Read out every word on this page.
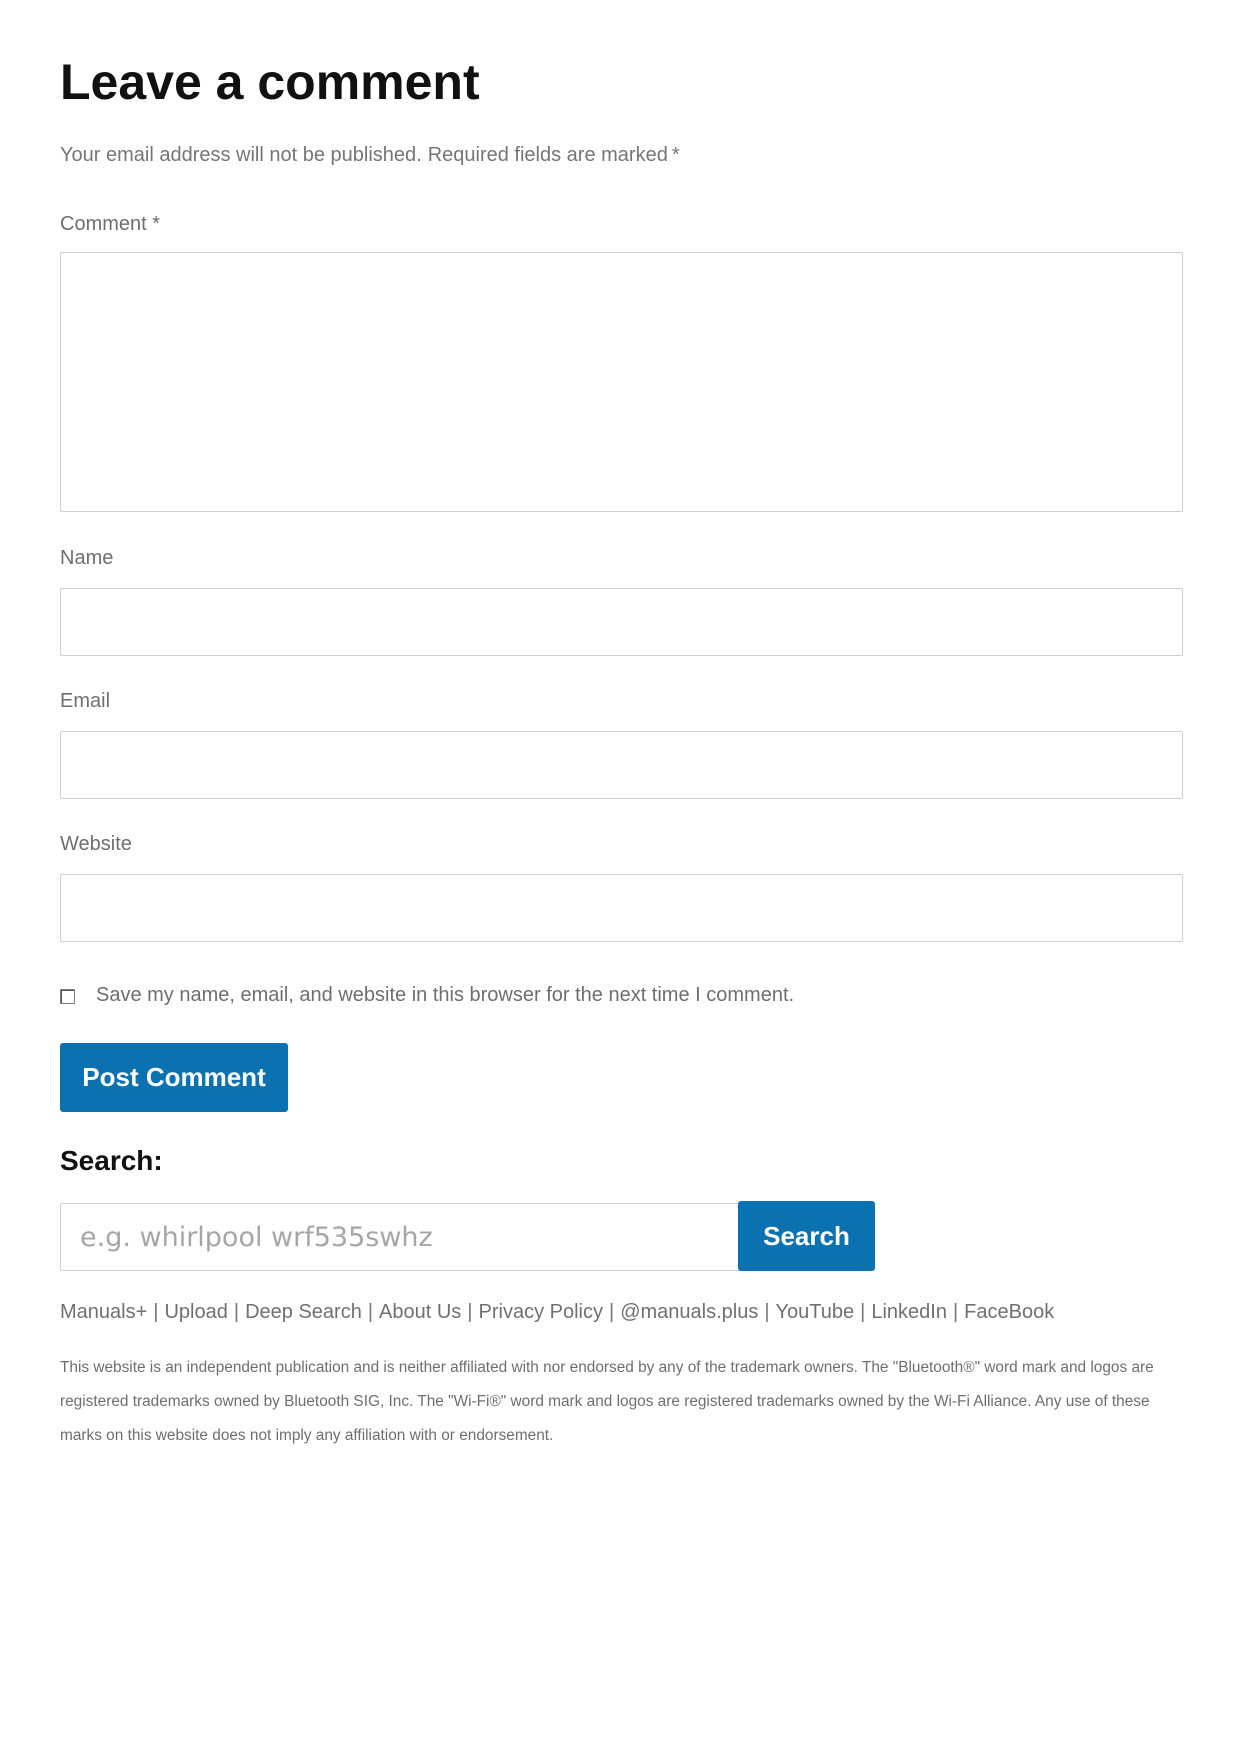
Leave a comment
Your email address will not be published. Required fields are marked *
Comment *
Name
Email
Website
Save my name, email, and website in this browser for the next time I comment.
Post Comment
Search:
e.g. whirlpool wrf535swhz	Search
Manuals+ | Upload | Deep Search | About Us | Privacy Policy | @manuals.plus | YouTube | LinkedIn | FaceBook

This website is an independent publication and is neither affiliated with nor endorsed by any of the trademark owners. The "Bluetooth®" word mark and logos are registered trademarks owned by Bluetooth SIG, Inc. The "Wi-Fi®" word mark and logos are registered trademarks owned by the Wi-Fi Alliance. Any use of these marks on this website does not imply any affiliation with or endorsement.
